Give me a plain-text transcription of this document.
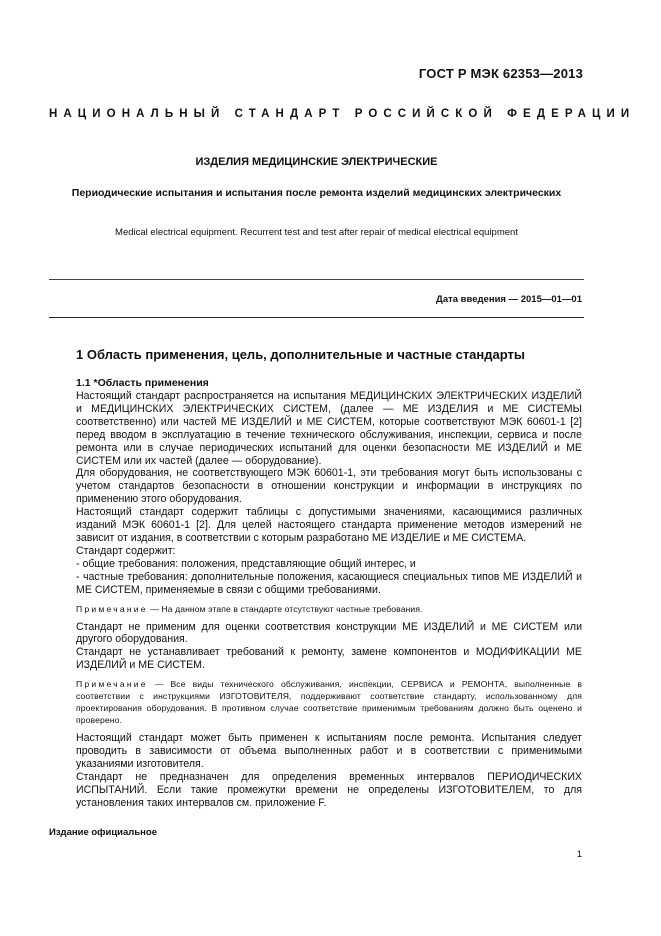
ГОСТ Р МЭК 62353—2013
НАЦИОНАЛЬНЫЙ СТАНДАРТ РОССИЙСКОЙ ФЕДЕРАЦИИ
ИЗДЕЛИЯ МЕДИЦИНСКИЕ ЭЛЕКТРИЧЕСКИЕ
Периодические испытания и испытания после ремонта изделий медицинских электрических
Medical electrical equipment. Recurrent test and test after repair of medical electrical equipment
Дата введения — 2015—01—01
1 Область применения, цель, дополнительные и частные стандарты
1.1 *Область применения

Настоящий стандарт распространяется на испытания МЕДИЦИНСКИХ ЭЛЕКТРИЧЕСКИХ ИЗДЕЛИЙ и МЕДИЦИНСКИХ ЭЛЕКТРИЧЕСКИХ СИСТЕМ, (далее — МЕ ИЗДЕЛИЯ и МЕ СИСТЕМЫ соответственно) или частей МЕ ИЗДЕЛИЙ и МЕ СИСТЕМ, которые соответствуют МЭК 60601-1 [2] перед вводом в эксплуатацию в течение технического обслуживания, инспекции, сервиса и после ремонта или в случае периодических испытаний для оценки безопасности МЕ ИЗДЕЛИЙ и МЕ СИСТЕМ или их частей (далее — оборудование).

Для оборудования, не соответствующего МЭК 60601-1, эти требования могут быть использованы с учетом стандартов безопасности в отношении конструкции и информации в инструкциях по применению этого оборудования.

Настоящий стандарт содержит таблицы с допустимыми значениями, касающимися различных изданий МЭК 60601-1 [2]. Для целей настоящего стандарта применение методов измерений не зависит от издания, в соответствии с которым разработано МЕ ИЗДЕЛИЕ и МЕ СИСТЕМА.

Стандарт содержит:

- общие требования: положения, представляющие общий интерес, и

- частные требования: дополнительные положения, касающиеся специальных типов МЕ ИЗДЕЛИЙ и МЕ СИСТЕМ, применяемые в связи с общими требованиями.

Примечание — На данном этапе в стандарте отсутствуют частные требования.

Стандарт не применим для оценки соответствия конструкции МЕ ИЗДЕЛИЙ и МЕ СИСТЕМ или другого оборудования.

Стандарт не устанавливает требований к ремонту, замене компонентов и МОДИФИКАЦИИ МЕ ИЗДЕЛИЙ и МЕ СИСТЕМ.

Примечание — Все виды технического обслуживания, инспекции, СЕРВИСА и РЕМОНТА, выполненные в соответствии с инструкциями ИЗГОТОВИТЕЛЯ, поддерживают соответствие стандарту, использованному для проектирования оборудования. В противном случае соответствие применимым требованиям должно быть оценено и проверено.

Настоящий стандарт может быть применен к испытаниям после ремонта. Испытания следует проводить в зависимости от объема выполненных работ и в соответствии с применимыми указаниями изготовителя.

Стандарт не предназначен для определения временных интервалов ПЕРИОДИЧЕСКИХ ИСПЫТАНИЙ. Если такие промежутки времени не определены ИЗГОТОВИТЕЛЕМ, то для установления таких интервалов см. приложение F.

Издание официальное
1
